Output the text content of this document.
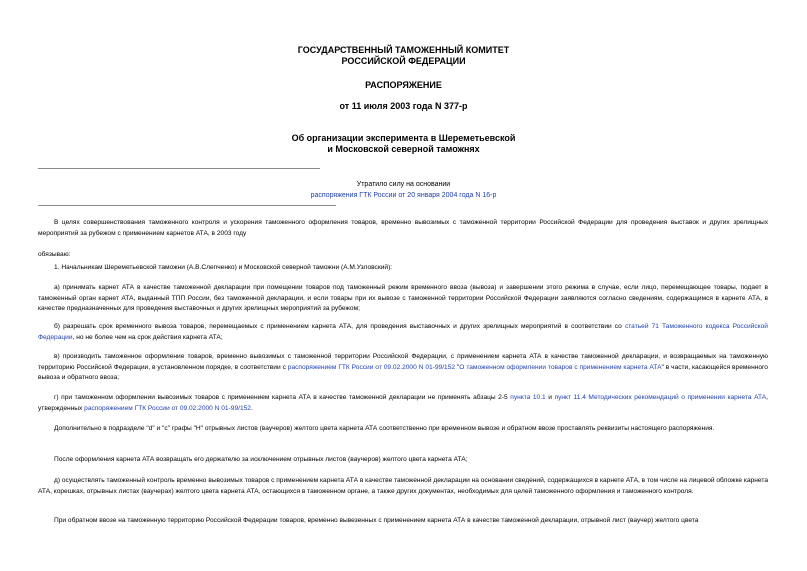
ГОСУДАРСТВЕННЫЙ ТАМОЖЕННЫЙ КОМИТЕТ
РОССИЙСКОЙ ФЕДЕРАЦИИ
РАСПОРЯЖЕНИЕ
от 11 июля 2003 года N 377-р
Об организации эксперимента в Шереметьевской
и Московской северной таможнях
Утратило силу на основании
распоряжения ГТК России от 20 января 2004 года N 16-р
В целях совершенствования таможенного контроля и ускорения таможенного оформления товаров, временно вывозимых с таможенной территории Российской Федерации для проведения выставок и других зрелищных мероприятий за рубежом с применением карнетов АТА, в 2003 году
обязываю:
1. Начальникам Шереметьевской таможни (А.В.Слепченко) и Московской северной таможни (А.М.Узловский):
а) принимать карнет АТА в качестве таможенной декларации при помещении товаров под таможенный режим временного ввоза (вывоза) и завершении этого режима в случае, если лицо, перемещающее товары, подает в таможенный орган карнет АТА, выданный ТПП России, без таможенной декларации, и если товары при их вывозе с таможенной территории Российской Федерации заявляются согласно сведениям, содержащимся в карнете АТА, в качестве предназначенных для проведения выставочных и других зрелищных мероприятий за рубежом;
б) разрешать срок временного вывоза товаров, перемещаемых с применением карнета АТА, для проведения выставочных и других зрелищных мероприятий в соответствии со статьей 71 Таможенного кодекса Российской Федерации, но не более чем на срок действия карнета АТА;
в) производить таможенное оформление товаров, временно вывозимых с таможенной территории Российской Федерации, с применением карнета АТА в качестве таможенной декларации, и возвращаемых на таможенную территорию Российской Федерации, в установленном порядке, в соответствии с распоряжением ГТК России от 09.02.2000 N 01-99/152 "О таможенном оформлении товаров с применением карнета АТА" в части, касающейся временного вывоза и обратного ввоза;
г) при таможенном оформлении вывозимых товаров с применением карнета АТА в качестве таможенной декларации не применять абзацы 2-5 пункта 10.1 и пункт 11.4 Методических рекомендаций о применении карнета АТА, утвержденных распоряжением ГТК России от 09.02.2000 N 01-99/152.
Дополнительно в подразделе "d" и "c" графы "Н" отрывных листов (ваучеров) желтого цвета карнета АТА соответственно при временном вывозе и обратном ввозе проставлять реквизиты настоящего распоряжения.
После оформления карнета АТА возвращать его держателю за исключением отрывных листов (ваучеров) желтого цвета карнета АТА;
д) осуществлять таможенный контроль временно вывозимых товаров с применением карнета АТА в качестве таможенной декларации на основании сведений, содержащихся в карнете АТА, в том числе на лицевой обложке карнета АТА, корешках, отрывных листах (ваучерах) желтого цвета карнета АТА, остающихся в таможенном органе, а также других документах, необходимых для целей таможенного оформления и таможенного контроля.
При обратном ввозе на таможенную территорию Российской Федерации товаров, временно вывезенных с применением карнета АТА в качестве таможенной декларации, отрывной лист (ваучер) желтого цвета
